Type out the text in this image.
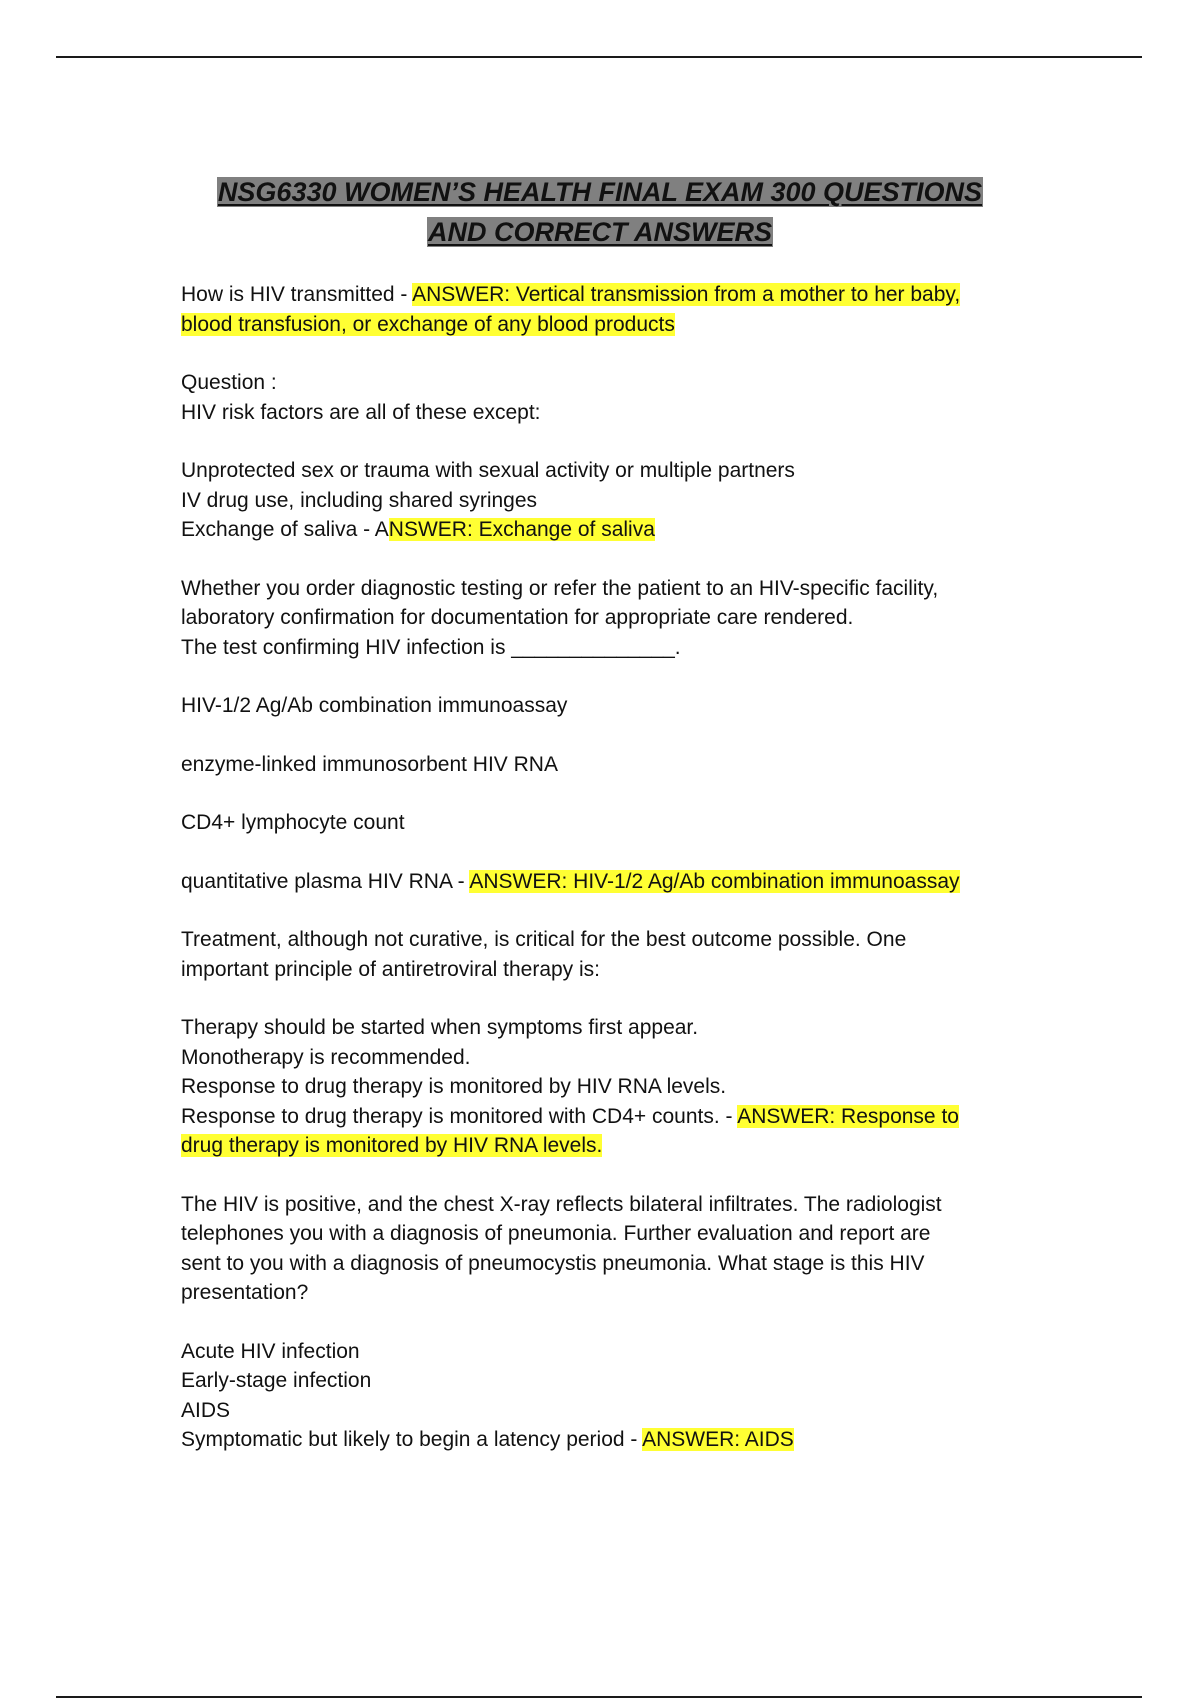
NSG6330 WOMEN’S HEALTH FINAL EXAM 300 QUESTIONS
AND CORRECT ANSWERS

How is HIV transmitted - ANSWER: Vertical transmission from a mother to her baby,

blood transfusion, or exchange of any blood products

Question :

HIV risk factors are all of these except:

Unprotected sex or trauma with sexual activity or multiple partners

IV drug use, including shared syringes

Exchange of saliva - ANSWER: Exchange of saliva

Whether you order diagnostic testing or refer the patient to an HIV-specific facility,

laboratory confirmation for documentation for appropriate care rendered.

The test confirming HIV infection is ______________.

HIV-1/2 Ag/Ab combination immunoassay

enzyme-linked immunosorbent HIV RNA

CD4+ lymphocyte count

quantitative plasma HIV RNA - ANSWER: HIV-1/2 Ag/Ab combination immunoassay

Treatment, although not curative, is critical for the best outcome possible. One

important principle of antiretroviral therapy is:

Therapy should be started when symptoms first appear.

Monotherapy is recommended.

Response to drug therapy is monitored by HIV RNA levels.

Response to drug therapy is monitored with CD4+ counts. - ANSWER: Response to

drug therapy is monitored by HIV RNA levels.

The HIV is positive, and the chest X-ray reflects bilateral infiltrates. The radiologist

telephones you with a diagnosis of pneumonia. Further evaluation and report are

sent to you with a diagnosis of pneumocystis pneumonia. What stage is this HIV

presentation?

Acute HIV infection

Early-stage infection

AIDS

Symptomatic but likely to begin a latency period - ANSWER: AIDS
